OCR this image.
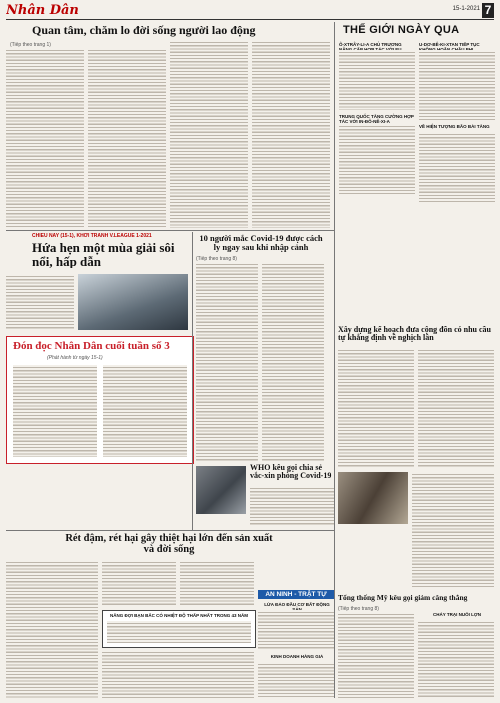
Nhân Dân	15-1-2021 7
Quan tâm, chăm lo đời sống người lao động
(Tiếp theo trang 1)
THẾ GIỚI NGÀY QUA
Ô-XTRÂY-LI-A CHỦ TRƯƠNG
TRUNG QUỐC TĂNG CƯỜNG HỢP TÁC VỚI IN-ĐÔ-NÊ-XI-A
U-DƠ-BÊ-KI-XTAN TIẾP TỤC
VỀ HIỆN TƯỢNG BÃO BÀI TĂNG
CHIỀU NAY (15-1), KHỞI TRANH V.LEAGUE 1-2021
Hứa hẹn một mùa giải sôi nổi, hấp dẫn
10 người mắc Covid-19 được cách ly ngay sau khi nhập cảnh
(Tiếp theo trang 8)
Xây dựng kế hoạch đưa cộng đồn có nhu cầu tự khẳng định về nghịch lân
Đón đọc Nhân Dân cuối tuần số 3
(Phát hành từ ngày 15-1)
WHO kêu gọi chia sẻ vắc-xin phòng Covid-19
Rét đậm, rét hại gây thiệt hại lớn đến sản xuất và đời sống
NẮNG ĐỢI BẠN BẤC CÓ NHIỆT ĐỘ THẤP NHẤT TRONG 43 NĂM
AN NINH - TRẬT TỰ
LỪA ĐẢO ĐẦU CƠ BẤT ĐỘNG
KINH DOANH HÀNG GIẢ
Tổng thống Mỹ kêu gọi giảm căng thẳng
(Tiếp theo trang 8)
CHÁY TRẠI NUÔI LỢN
